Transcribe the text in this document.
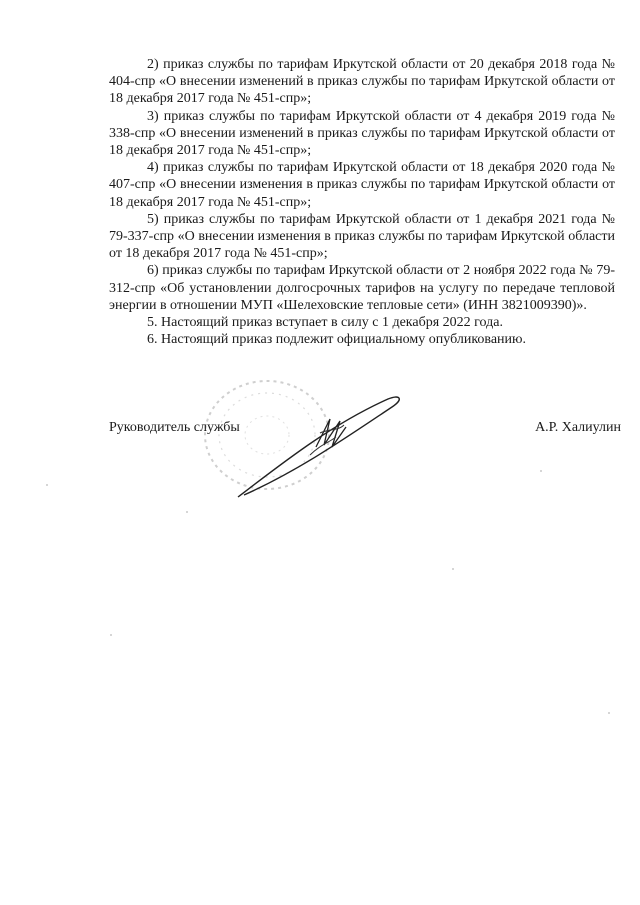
2) приказ службы по тарифам Иркутской области от 20 декабря 2018 года № 404-спр «О внесении изменений в приказ службы по тарифам Иркутской области от 18 декабря 2017 года № 451-спр»;

3) приказ службы по тарифам Иркутской области от 4 декабря 2019 года № 338-спр «О внесении изменений в приказ службы по тарифам Иркутской области от 18 декабря 2017 года № 451-спр»;

4) приказ службы по тарифам Иркутской области от 18 декабря 2020 года № 407-спр «О внесении изменения в приказ службы по тарифам Иркутской области от 18 декабря 2017 года № 451-спр»;

5) приказ службы по тарифам Иркутской области от 1 декабря 2021 года № 79-337-спр «О внесении изменения в приказ службы по тарифам Иркутской области от 18 декабря 2017 года № 451-спр»;

6) приказ службы по тарифам Иркутской области от 2 ноября 2022 года № 79-312-спр «Об установлении долгосрочных тарифов на услугу по передаче тепловой энергии в отношении МУП «Шелеховские тепловые сети» (ИНН 3821009390)».

5. Настоящий приказ вступает в силу с 1 декабря 2022 года.

6. Настоящий приказ подлежит официальному опубликованию.

Руководитель службы	А.Р. Халиулин
